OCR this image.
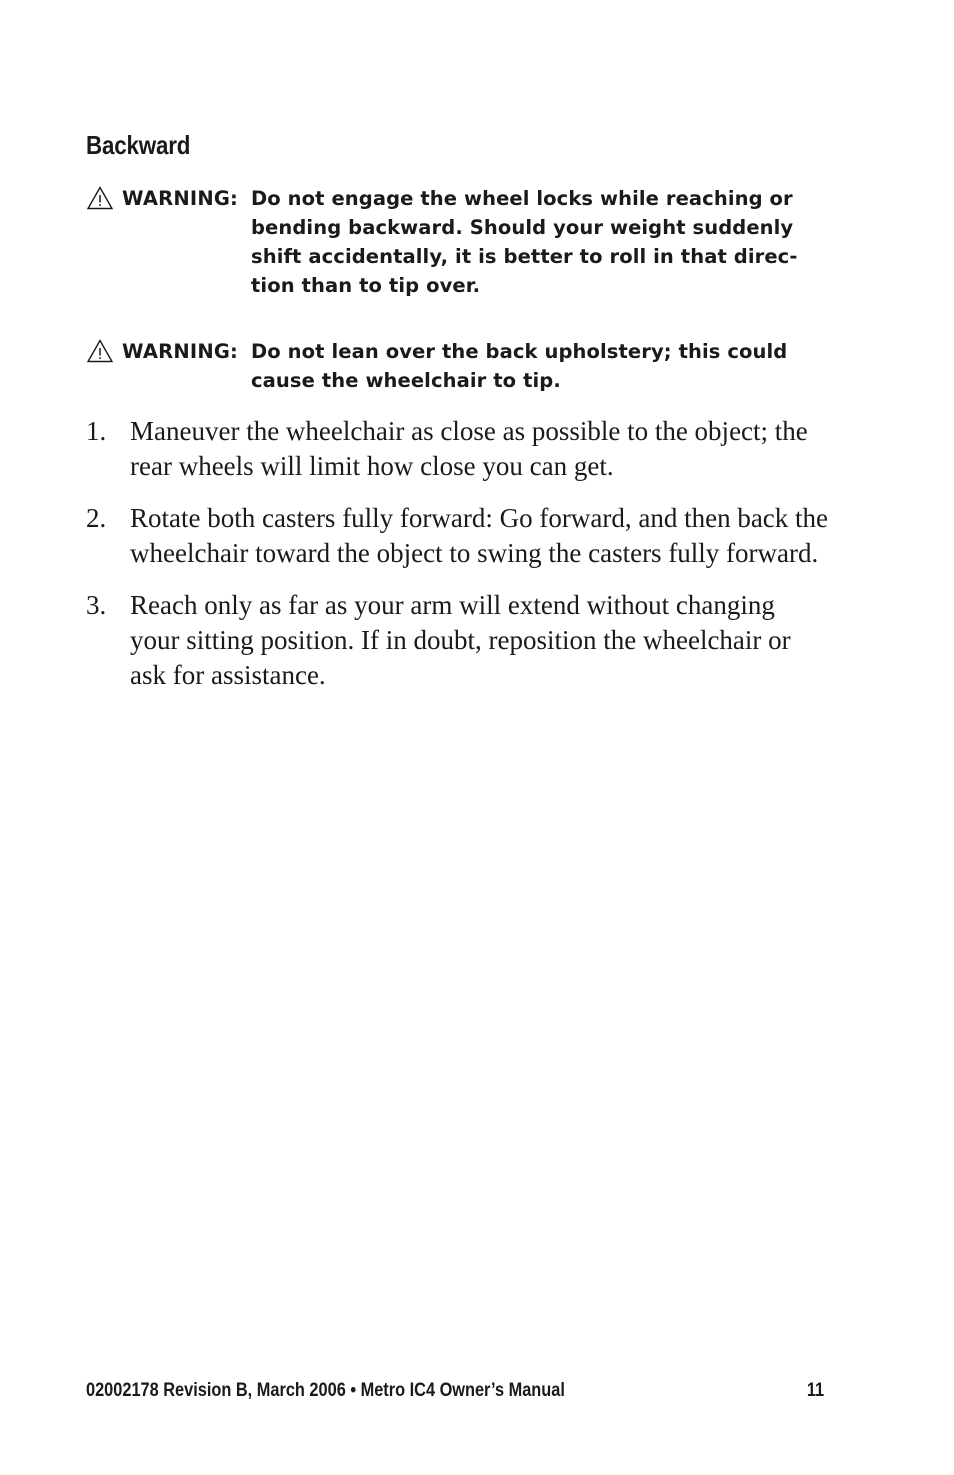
Backward
WARNING: Do not engage the wheel locks while reaching or
bending backward. Should your weight suddenly
shift accidentally, it is better to roll in that direc-
tion than to tip over.
WARNING: Do not lean over the back upholstery; this could
cause the wheelchair to tip.
1. Maneuver the wheelchair as close as possible to the object; the
rear wheels will limit how close you can get.
2. Rotate both casters fully forward: Go forward, and then back the
wheelchair toward the object to swing the casters fully forward.
3. Reach only as far as your arm will extend without changing
your sitting position. If in doubt, reposition the wheelchair or
ask for assistance.
02002178 Revision B, March 2006 • Metro IC4 Owner’s Manual	11
